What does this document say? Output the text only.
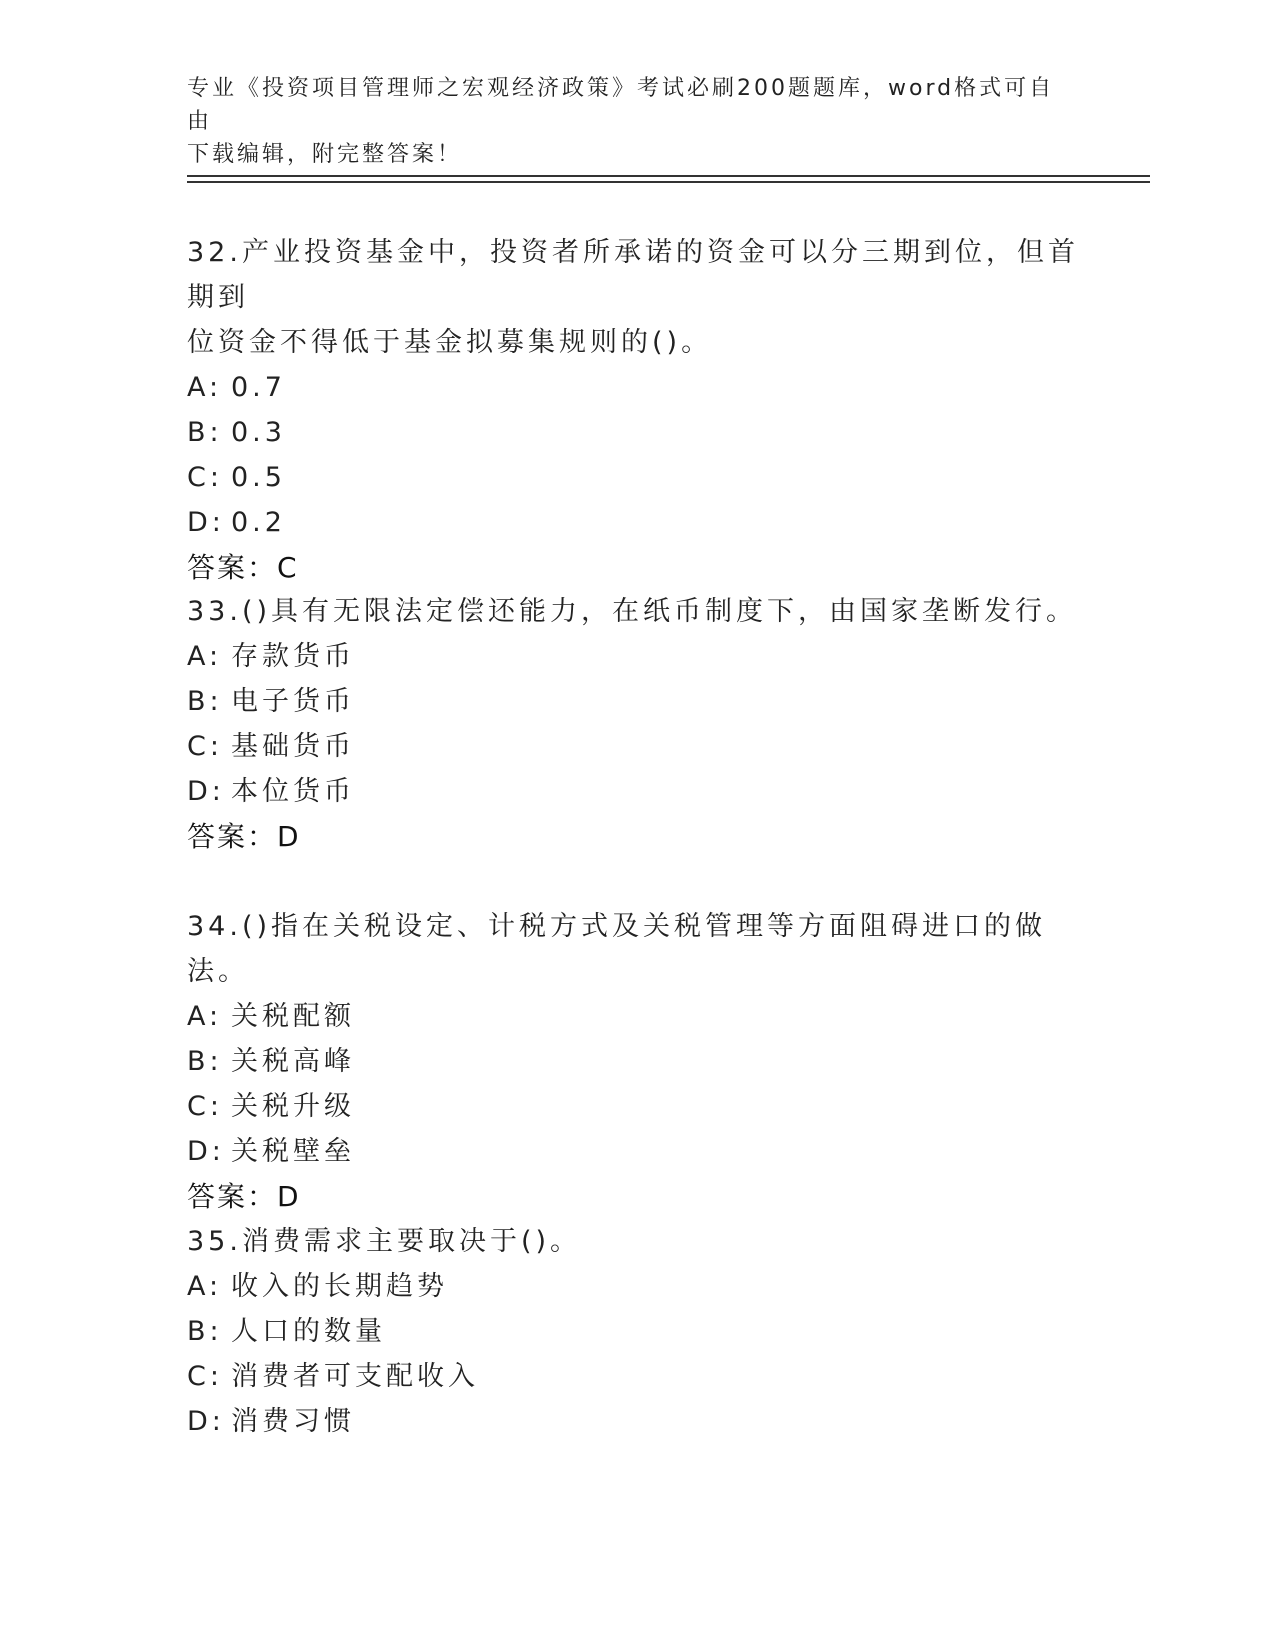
专业《投资项目管理师之宏观经济政策》考试必刷200题题库，word格式可自由
下载编辑，附完整答案！

32.产业投资基金中，投资者所承诺的资金可以分三期到位，但首期到
位资金不得低于基金拟募集规则的()。

A: 0.7

B: 0.3

C: 0.5

D: 0.2

答案：C

33.()具有无限法定偿还能力，在纸币制度下，由国家垄断发行。

A: 存款货币

B: 电子货币

C: 基础货币

D: 本位货币

答案：D

34.()指在关税设定、计税方式及关税管理等方面阻碍进口的做法。

A: 关税配额

B: 关税高峰

C: 关税升级

D: 关税壁垒

答案：D

35.消费需求主要取决于()。

A: 收入的长期趋势

B: 人口的数量

C: 消费者可支配收入

D: 消费习惯
